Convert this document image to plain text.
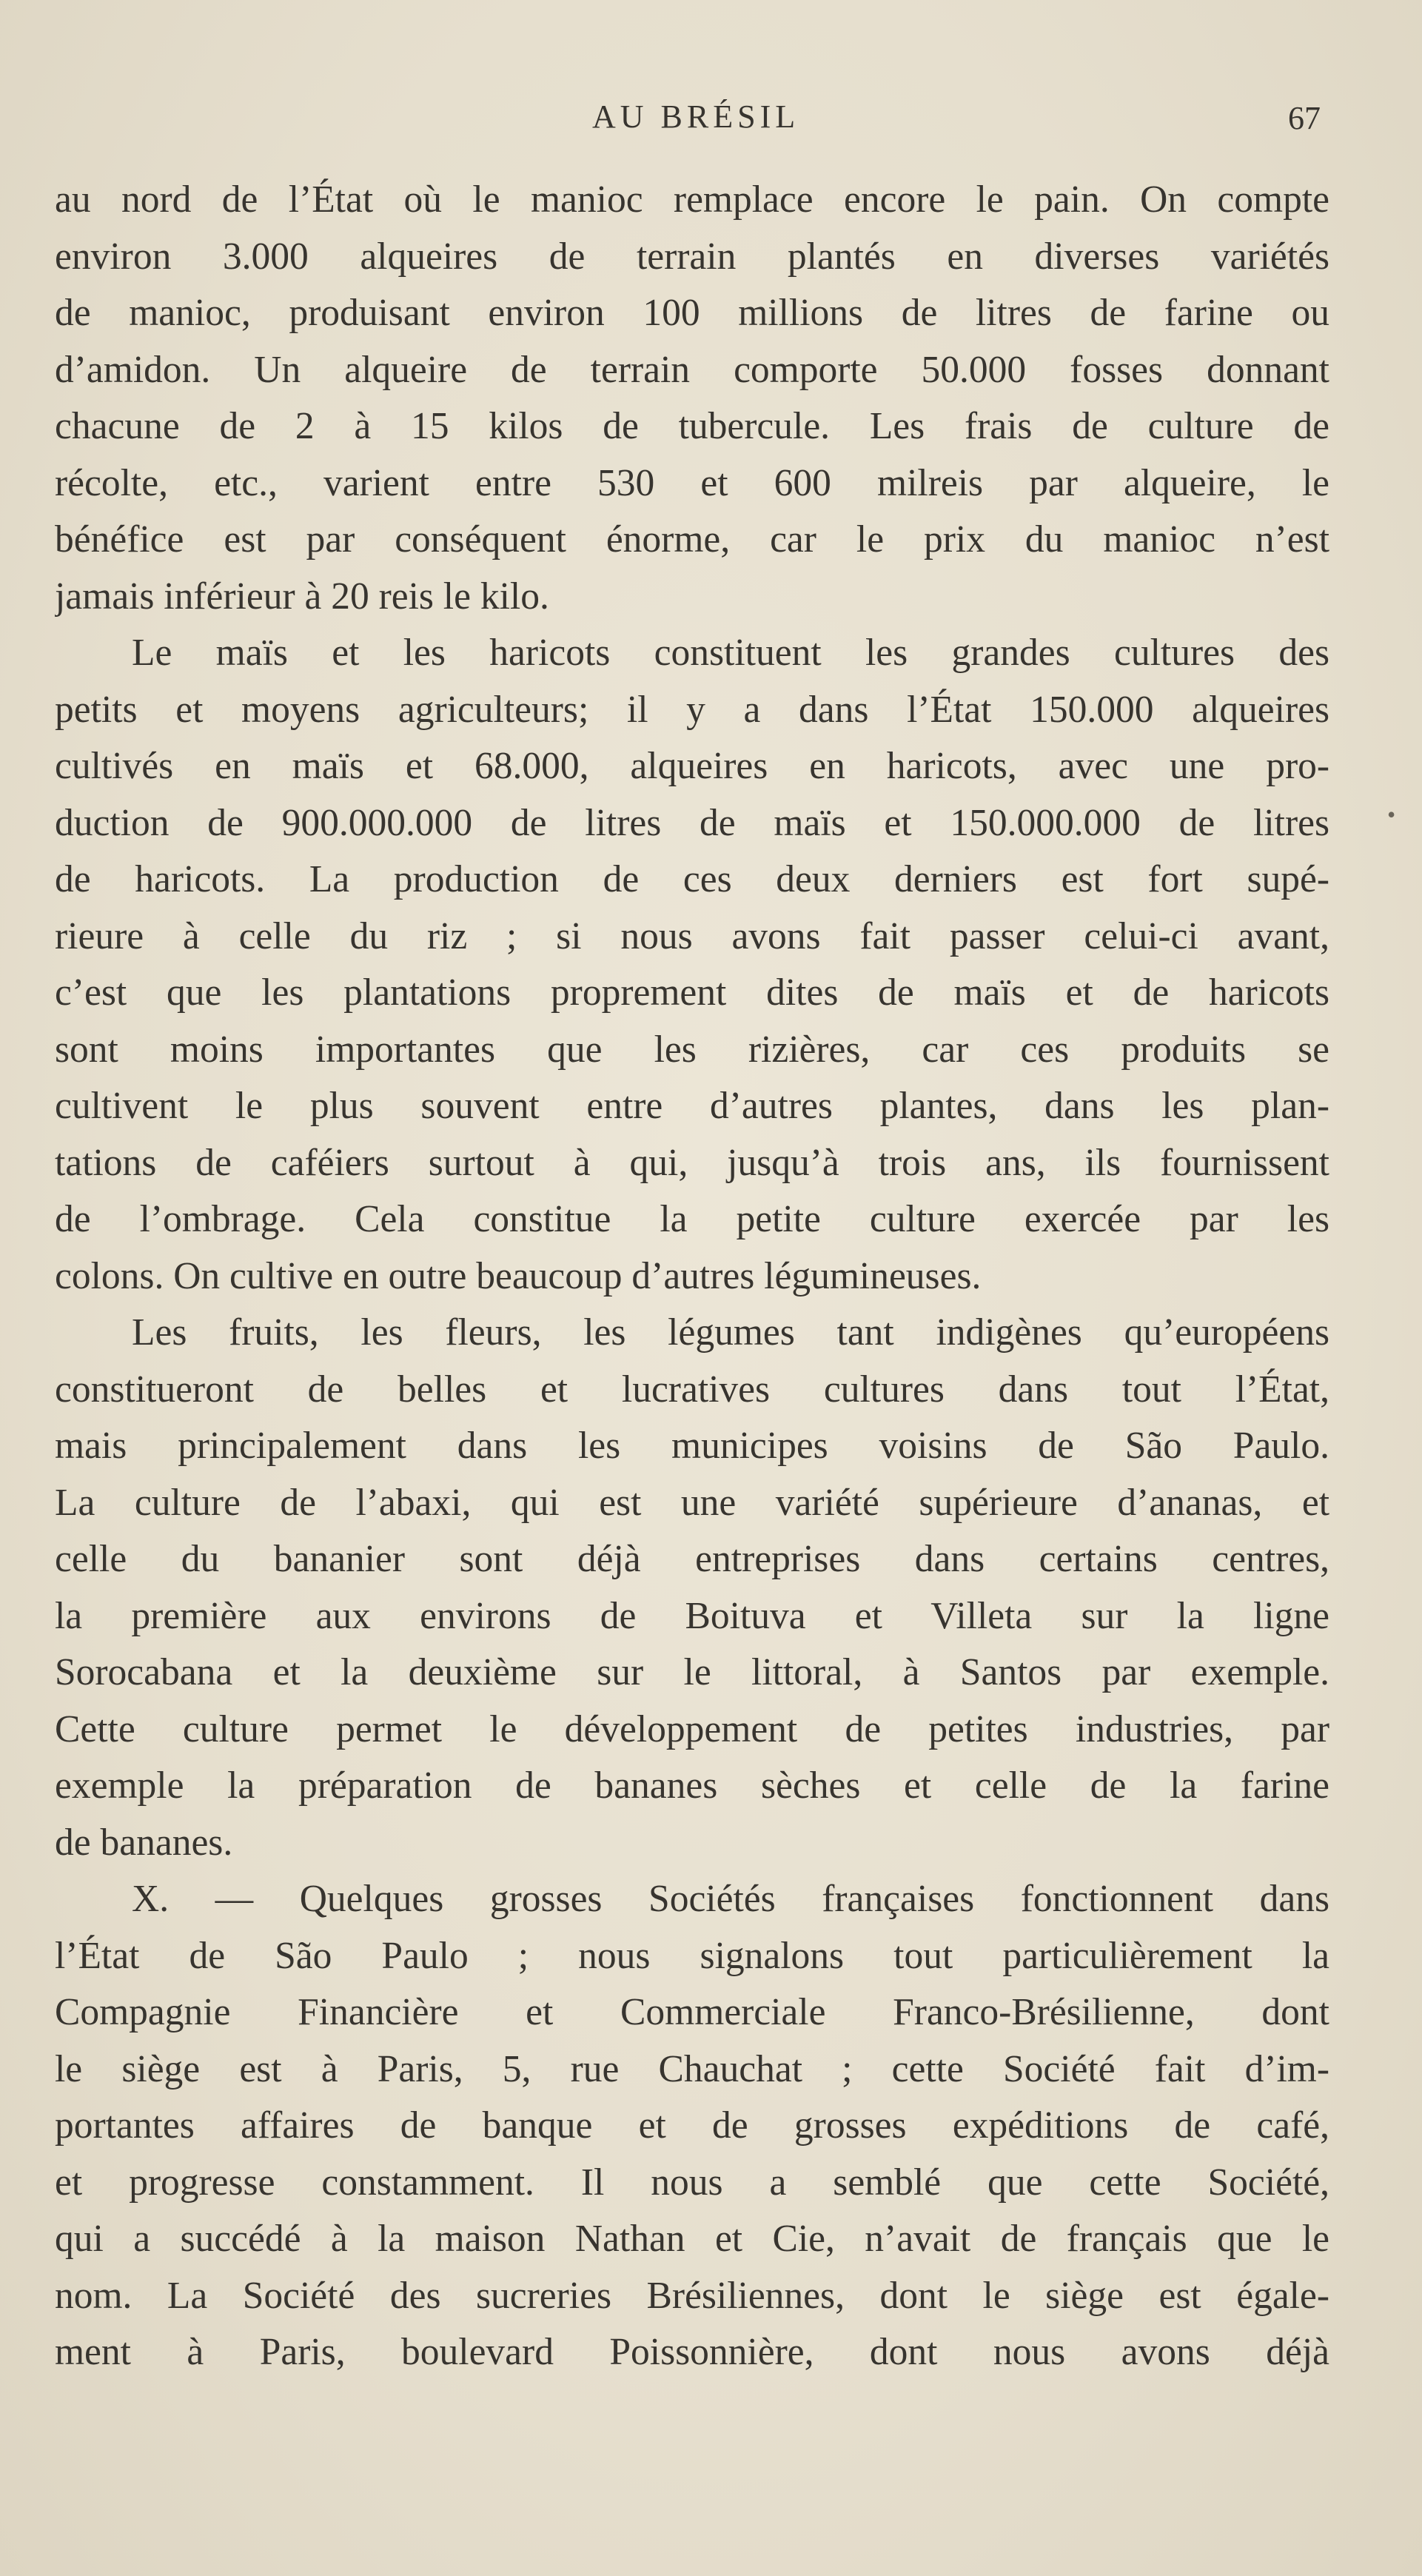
AU BRÉSIL	67
•
au nord de l’État où le manioc remplace encore le pain. On compte
environ 3.000 alqueires de terrain plantés en diverses variétés
de manioc, produisant environ 100 millions de litres de farine ou
d’amidon. Un alqueire de terrain comporte 50.000 fosses donnant
chacune de 2 à 15 kilos de tubercule. Les frais de culture de
récolte, etc., varient entre 530 et 600 milreis par alqueire, le
bénéfice est par conséquent énorme, car le prix du manioc n’est
jamais inférieur à 20 reis le kilo.
Le maïs et les haricots constituent les grandes cultures des
petits et moyens agriculteurs; il y a dans l’État 150.000 alqueires
cultivés en maïs et 68.000, alqueires en haricots, avec une pro-
duction de 900.000.000 de litres de maïs et 150.000.000 de litres
de haricots. La production de ces deux derniers est fort supé-
rieure à celle du riz ; si nous avons fait passer celui-ci avant,
c’est que les plantations proprement dites de maïs et de haricots
sont moins importantes que les rizières, car ces produits se
cultivent le plus souvent entre d’autres plantes, dans les plan-
tations de caféiers surtout à qui, jusqu’à trois ans, ils fournissent
de l’ombrage. Cela constitue la petite culture exercée par les
colons. On cultive en outre beaucoup d’autres légumineuses.
Les fruits, les fleurs, les légumes tant indigènes qu’européens
constitueront de belles et lucratives cultures dans tout l’État,
mais principalement dans les municipes voisins de São Paulo.
La culture de l’abaxi, qui est une variété supérieure d’ananas, et
celle du bananier sont déjà entreprises dans certains centres,
la première aux environs de Boituva et Villeta sur la ligne
Sorocabana et la deuxième sur le littoral, à Santos par exemple.
Cette culture permet le développement de petites industries, par
exemple la préparation de bananes sèches et celle de la farine
de bananes.
X. — Quelques grosses Sociétés françaises fonctionnent dans
l’État de São Paulo ; nous signalons tout particulièrement la
Compagnie Financière et Commerciale Franco-Brésilienne, dont
le siège est à Paris, 5, rue Chauchat ; cette Société fait d’im-
portantes affaires de banque et de grosses expéditions de café,
et progresse constamment. Il nous a semblé que cette Société,
qui a succédé à la maison Nathan et Cie, n’avait de français que le
nom. La Société des sucreries Brésiliennes, dont le siège est égale-
ment à Paris, boulevard Poissonnière, dont nous avons déjà
